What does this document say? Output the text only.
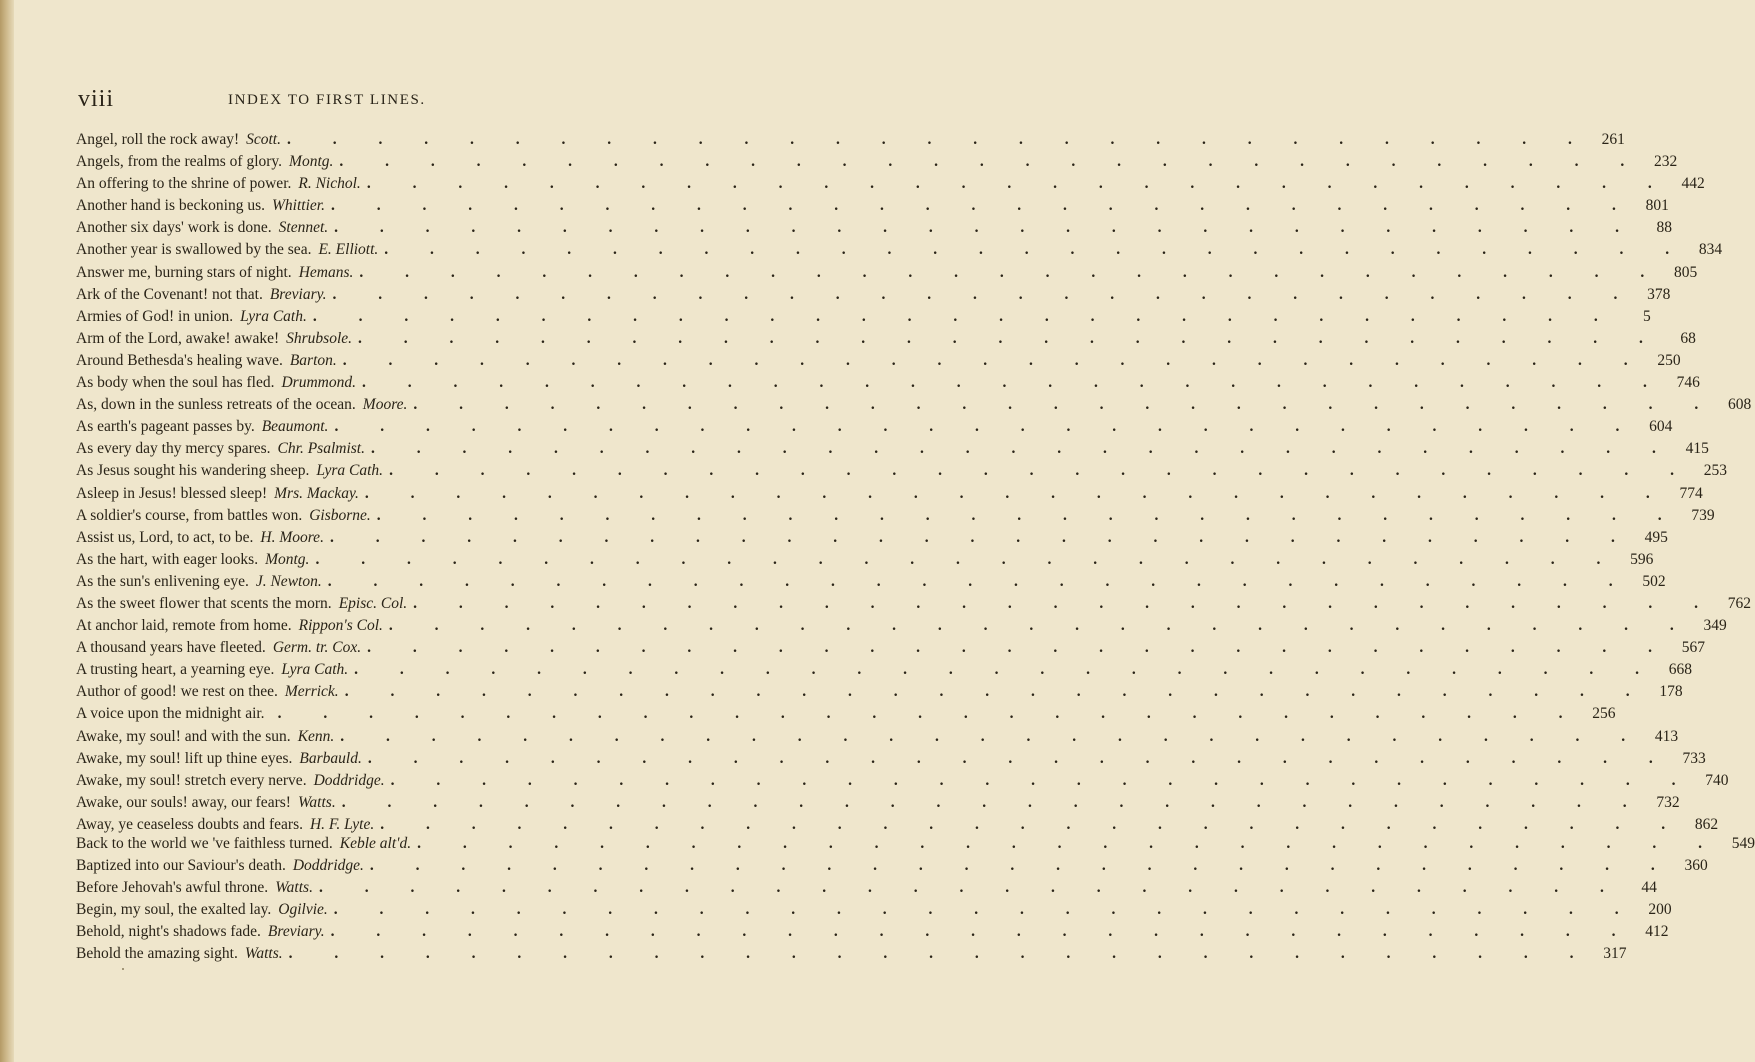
viii	INDEX TO FIRST LINES.
Angel, roll the rock away! Scott. . . . . . . . . . . . . . . . . . . . . . . . . . . . . . 261
Angels, from the realms of glory. Montg. . . . . . . . . . . . . . . . . . . . . . . . . . . . . . 232
An offering to the shrine of power. R. Nichol. . . . . . . . . . . . . . . . . . . . . . . . . . . . . . 442
Another hand is beckoning us. Whittier. . . . . . . . . . . . . . . . . . . . . . . . . . . . . . 801
Another six days' work is done. Stennet. . . . . . . . . . . . . . . . . . . . . . . . . . . . . .	88
Another year is swallowed by the sea. E. Elliott. . . . . . . . . . . . . . . . . . . . . . . . . . . . . . 834
Answer me, burning stars of night. Hemans. . . . . . . . . . . . . . . . . . . . . . . . . . . . . . 805
Ark of the Covenant! not that. Breviary. . . . . . . . . . . . . . . . . . . . . . . . . . . . . . 378
Armies of God! in union. Lyra Cath. . . . . . . . . . . . . . . . . . . . . . . . . . . . . .	5
Arm of the Lord, awake! awake! Shrubsole. . . . . . . . . . . . . . . . . . . . . . . . . . . . . .	68
Around Bethesda's healing wave. Barton. . . . . . . . . . . . . . . . . . . . . . . . . . . . . . 250
As body when the soul has fled. Drummond. . . . . . . . . . . . . . . . . . . . . . . . . . . . . . 746
As, down in the sunless retreats of the ocean. Moore. . . . . . . . . . . . . . . . . . . . . . . . . . . . . . 608
As earth's pageant passes by. Beaumont. . . . . . . . . . . . . . . . . . . . . . . . . . . . . . 604
As every day thy mercy spares. Chr. Psalmist. . . . . . . . . . . . . . . . . . . . . . . . . . . . . . 415
As Jesus sought his wandering sheep. Lyra Cath. . . . . . . . . . . . . . . . . . . . . . . . . . . . . . 253
Asleep in Jesus! blessed sleep! Mrs. Mackay. . . . . . . . . . . . . . . . . . . . . . . . . . . . . . 774
A soldier's course, from battles won. Gisborne. . . . . . . . . . . . . . . . . . . . . . . . . . . . . . 739
Assist us, Lord, to act, to be. H. Moore. . . . . . . . . . . . . . . . . . . . . . . . . . . . . . 495
As the hart, with eager looks. Montg. . . . . . . . . . . . . . . . . . . . . . . . . . . . . . 596
As the sun's enlivening eye. J. Newton. . . . . . . . . . . . . . . . . . . . . . . . . . . . . . 502
As the sweet flower that scents the morn. Episc. Col. . . . . . . . . . . . . . . . . . . . . . . . . . . . . . 762
At anchor laid, remote from home. Rippon's Col. . . . . . . . . . . . . . . . . . . . . . . . . . . . . . 349
A thousand years have fleeted. Germ. tr. Cox. . . . . . . . . . . . . . . . . . . . . . . . . . . . . . 567
A trusting heart, a yearning eye. Lyra Cath. . . . . . . . . . . . . . . . . . . . . . . . . . . . . . 668
Author of good! we rest on thee. Merrick. . . . . . . . . . . . . . . . . . . . . . . . . . . . . . 178
A voice upon the midnight air. . . . . . . . . . . . . . . . . . . . . . . . . . . . . . 256
Awake, my soul! and with the sun. Kenn. . . . . . . . . . . . . . . . . . . . . . . . . . . . . . 413
Awake, my soul! lift up thine eyes. Barbauld. . . . . . . . . . . . . . . . . . . . . . . . . . . . . . 733
Awake, my soul! stretch every nerve. Doddridge. . . . . . . . . . . . . . . . . . . . . . . . . . . . . . 740
Awake, our souls! away, our fears! Watts. . . . . . . . . . . . . . . . . . . . . . . . . . . . . . 732
Away, ye ceaseless doubts and fears. H. F. Lyte. . . . . . . . . . . . . . . . . . . . . . . . . . . . . . 862
Back to the world we 've faithless turned. Keble alt'd. . . . . . . . . . . . . . . . . . . . . . . . . . . . . . 549
Baptized into our Saviour's death. Doddridge. . . . . . . . . . . . . . . . . . . . . . . . . . . . . . 360
Before Jehovah's awful throne. Watts. . . . . . . . . . . . . . . . . . . . . . . . . . . . . .	44
Begin, my soul, the exalted lay. Ogilvie. . . . . . . . . . . . . . . . . . . . . . . . . . . . . . 200
Behold, night's shadows fade. Breviary. . . . . . . . . . . . . . . . . . . . . . . . . . . . . . 412
Behold the amazing sight. Watts. . . . . . . . . . . . . . . . . . . . . . . . . . . . . . 317
